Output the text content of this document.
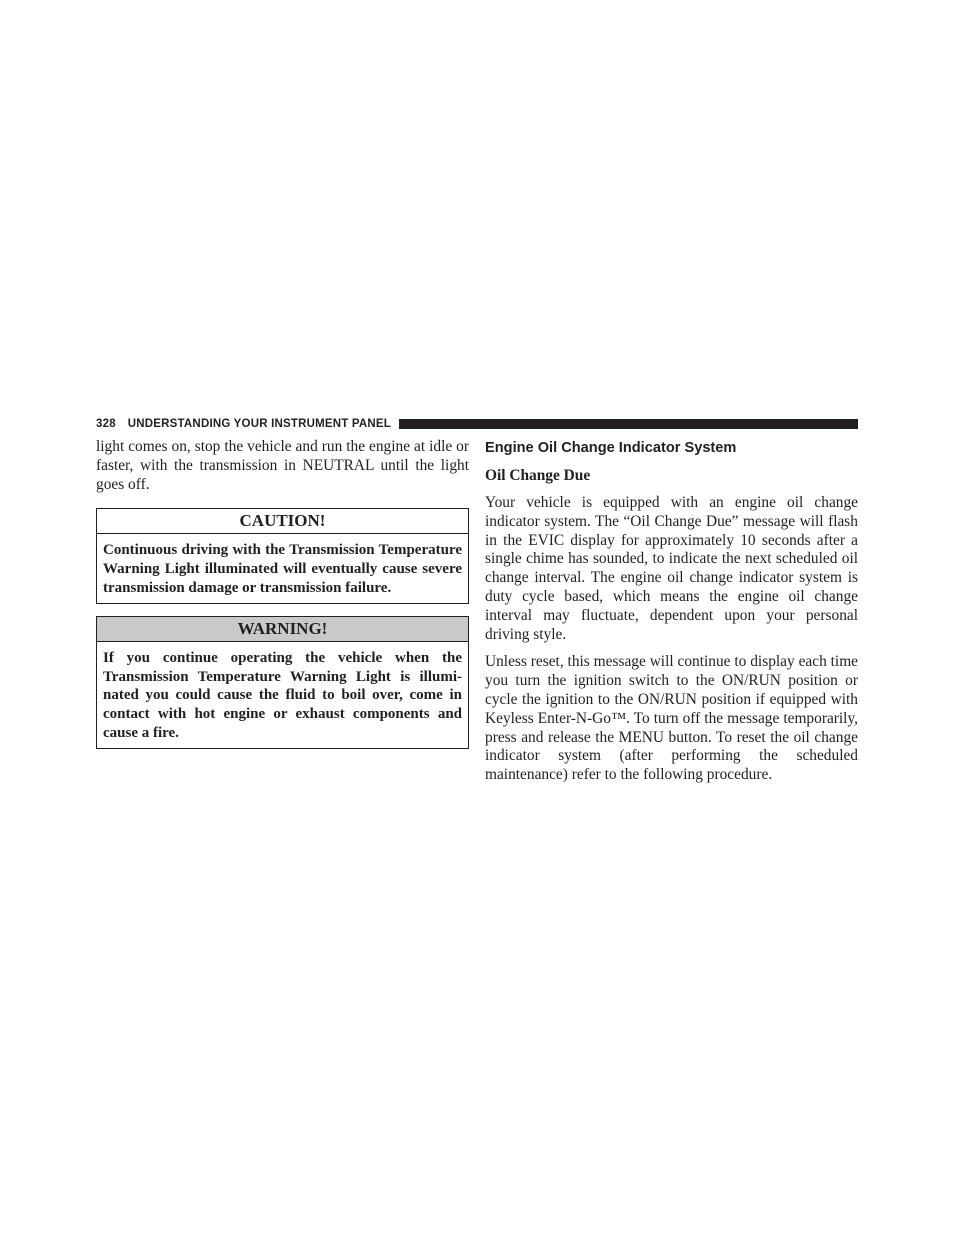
328 UNDERSTANDING YOUR INSTRUMENT PANEL

light comes on, stop the vehicle and run the engine at idle or faster, with the transmission in NEUTRAL until the light goes off.

CAUTION!
Continuous driving with the Transmission Temperature Warning Light illuminated will eventually cause severe transmission damage or transmission failure.
WARNING!
If you continue operating the vehicle when the Transmission Temperature Warning Light is illuminated you could cause the fluid to boil over, come in contact with hot engine or exhaust components and cause a fire.
Engine Oil Change Indicator System
Oil Change Due

Your vehicle is equipped with an engine oil change indicator system. The “Oil Change Due” message will flash in the EVIC display for approximately 10 seconds after a single chime has sounded, to indicate the next scheduled oil change interval. The engine oil change indicator system is duty cycle based, which means the engine oil change interval may fluctuate, dependent upon your personal driving style.

Unless reset, this message will continue to display each time you turn the ignition switch to the ON/RUN position or cycle the ignition to the ON/RUN position if equipped with Keyless Enter-N-Go™. To turn off the message temporarily, press and release the MENU button. To reset the oil change indicator system (after performing the scheduled maintenance) refer to the following procedure.
